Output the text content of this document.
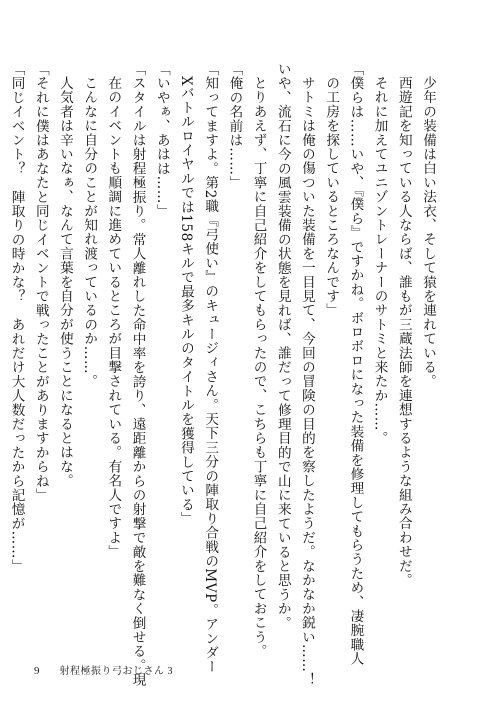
少年の装備は白い法衣、そして猿を連れている。
西遊記を知っている人ならば、誰もが三蔵法師を連想するような組み合わせだ。
それに加えてユニゾントレーナーのサトミと来たか……。
「僕らは……いや、『僕ら』ですかね。ボロボロになった装備を修理してもらうため、凄腕職人
の工房を探しているところなんです」
サトミは俺の傷ついた装備を一目見て、今回の冒険の目的を察したようだ。なかなか鋭い……！
いや、流石に今の風雲装備の状態を見れば、誰だって修理目的で山に来ていると思うか。
とりあえず、丁寧に自己紹介をしてもらったので、こちらも丁寧に自己紹介をしておこう。
「俺の名前は……」
「知ってますよ。第2職『弓使い』のキュージィさん。天下三分の陣取り合戦のMVP。アンダー
Xバトルロイヤルでは158キルで最多キルのタイトルを獲得している」
「いやぁ、あはは……」
「スタイルは射程極振り。常人離れした命中率を誇り、遠距離からの射撃で敵を難なく倒せる。現
在のイベントも順調に進めているところが目撃されている。有名人ですよ」
こんなに自分のことが知れ渡っているのか……。
人気者は辛いなぁ、なんて言葉を自分が使うことになるとはな。
「それに僕はあなたと同じイベントで戦ったことがありますからね」
「同じイベント？　陣取りの時かな？　あれだけ大人数だったから記憶が……」
9 射程極振り弓おじさん 3
